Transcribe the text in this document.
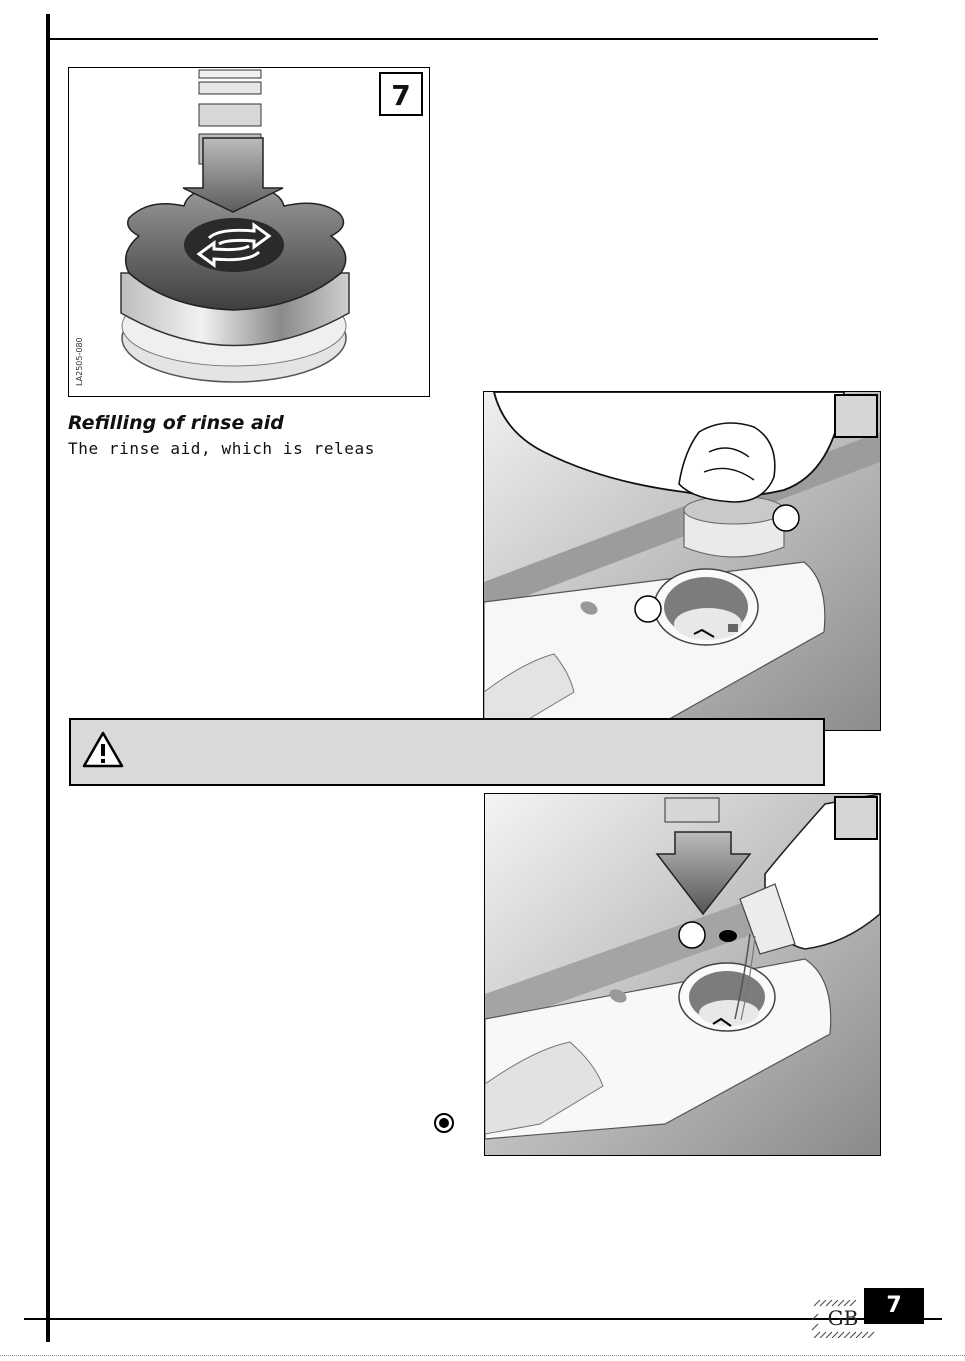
7
LA2505-080
Refilling of rinse aid

The rinse aid, which is releas

GB	7
